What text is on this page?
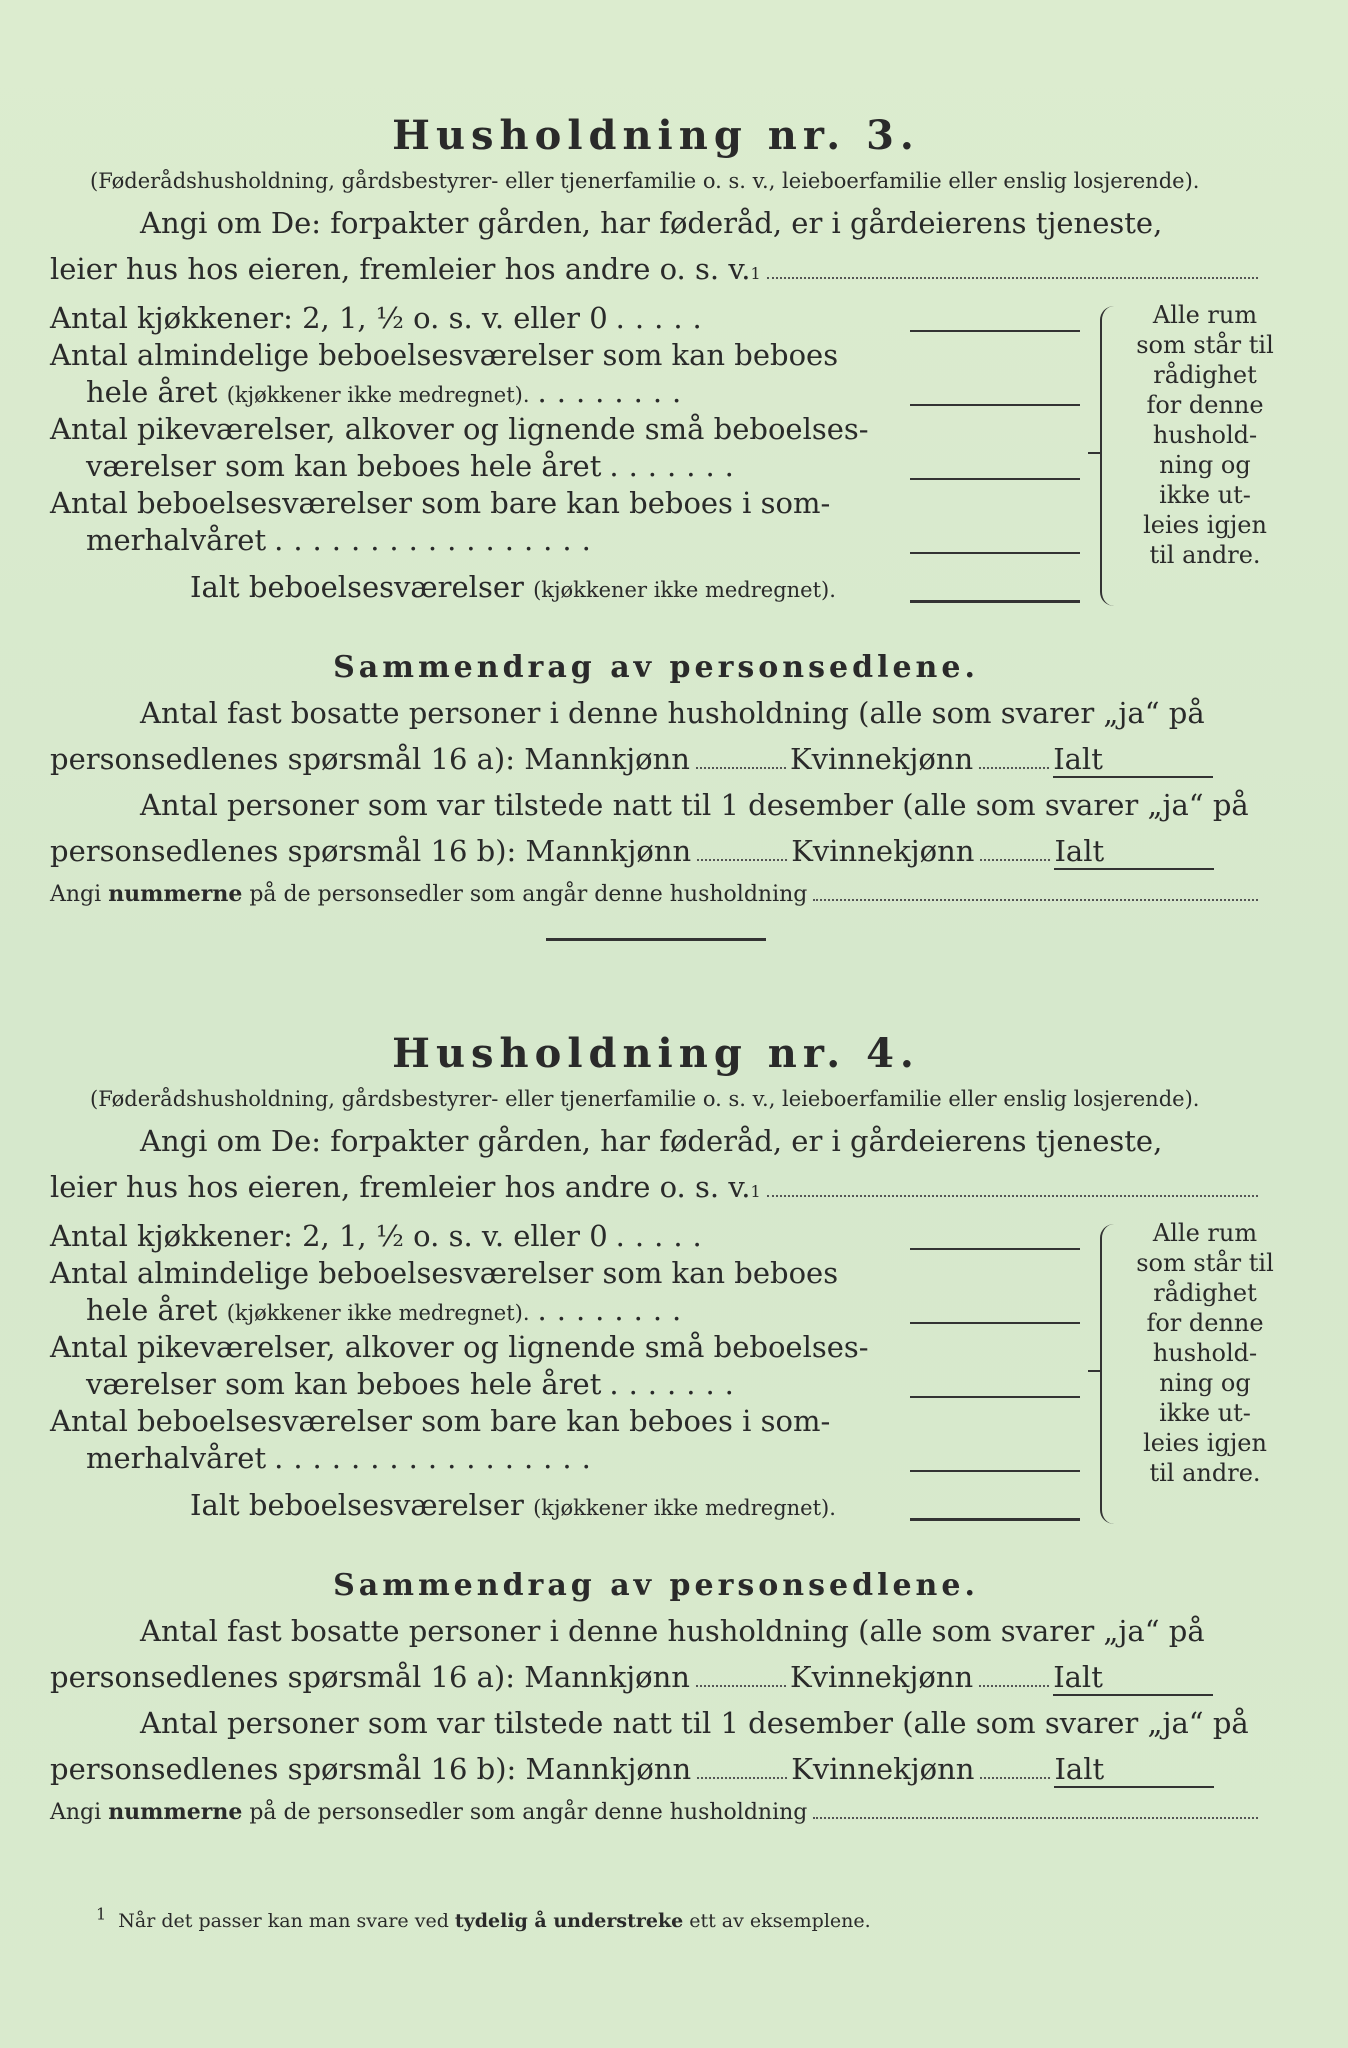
Husholdning nr. 3.

(Føderådshusholdning, gårdsbestyrer- eller tjenerfamilie o. s. v., leieboerfamilie eller enslig losjerende).

Angi om De: forpakter gården, har føderåd, er i gårdeierens tjeneste,
leier hus hos eieren, fremleier hos andre o. s. v. 1
Antal kjøkkener: 2, 1, ½ o. s. v. eller 0 .....
Antal almindelige beboelsesværelser som kan beboes
hele året
(kjøkkener ikke medregnet). ........
Antal pikeværelser, alkover og lignende små beboelses-
værelser som kan beboes hele året .......
Antal beboelsesværelser som bare kan beboes i som-
merhalvåret .................
Ialt beboelsesværelser
(kjøkkener ikke medregnet).
Alle rum
som står til
rådighet
for denne
hushold-
ning og
ikke ut-
leies igjen
til andre.
Sammendrag av personsedlene.
Antal fast bosatte personer i denne husholdning (alle som svarer „ja“ på
personsedlenes spørsmål 16 a):
Mannkjønn	Kvinnekjønn	Ialt
Antal personer som var tilstede natt til 1 desember (alle som svarer „ja“ på
personsedlenes spørsmål 16 b):
Mannkjønn	Kvinnekjønn	Ialt
Angi
nummerne
på de personsedler som angår denne husholdning
Husholdning nr. 4.

(Føderådshusholdning, gårdsbestyrer- eller tjenerfamilie o. s. v., leieboerfamilie eller enslig losjerende).

Angi om De: forpakter gården, har føderåd, er i gårdeierens tjeneste,
leier hus hos eieren, fremleier hos andre o. s. v. 1
Antal kjøkkener: 2, 1, ½ o. s. v. eller 0 .....
Antal almindelige beboelsesværelser som kan beboes
hele året
(kjøkkener ikke medregnet). ........
Antal pikeværelser, alkover og lignende små beboelses-
værelser som kan beboes hele året .......
Antal beboelsesværelser som bare kan beboes i som-
merhalvåret .................
Ialt beboelsesværelser
(kjøkkener ikke medregnet).
Alle rum
som står til
rådighet
for denne
hushold-
ning og
ikke ut-
leies igjen
til andre.
Sammendrag av personsedlene.
Antal fast bosatte personer i denne husholdning (alle som svarer „ja“ på
personsedlenes spørsmål 16 a):
Mannkjønn	Kvinnekjønn	Ialt
Antal personer som var tilstede natt til 1 desember (alle som svarer „ja“ på
personsedlenes spørsmål 16 b):
Mannkjønn	Kvinnekjønn	Ialt
Angi
nummerne
på de personsedler som angår denne husholdning
$^1$ Når det passer kan man svare ved tydelig å understreke ett av eksemplene.
